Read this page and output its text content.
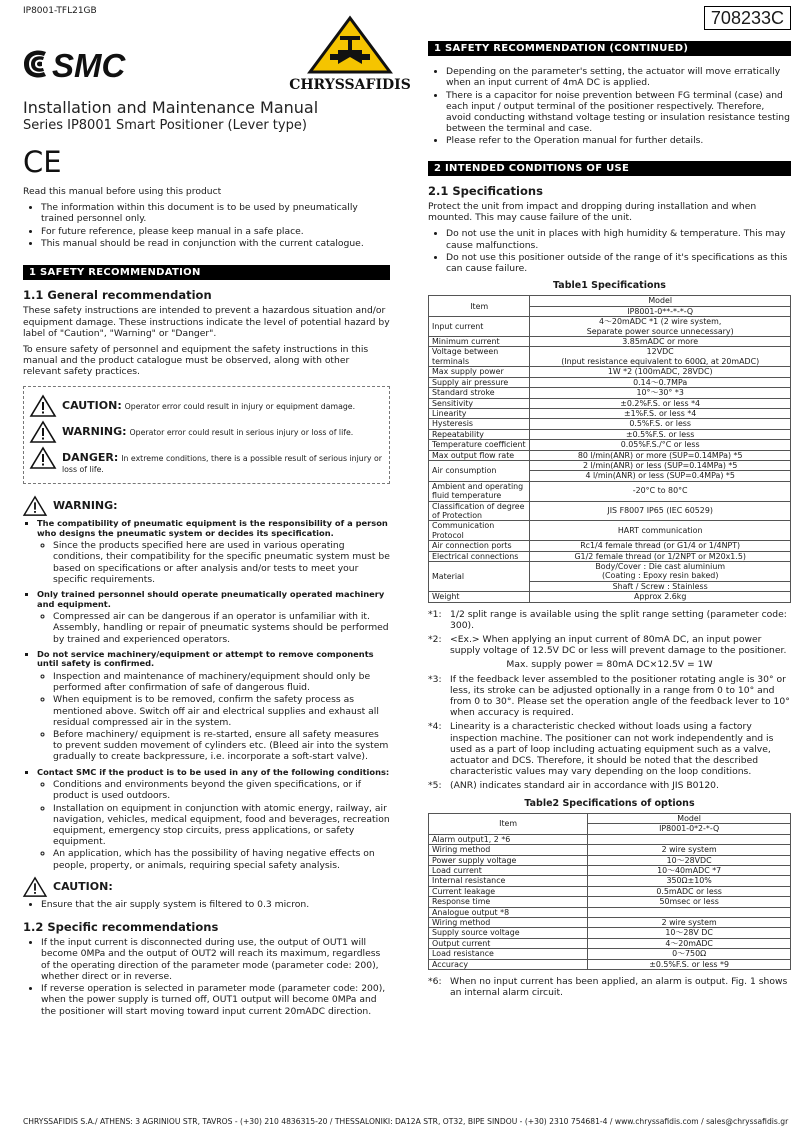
IP8001-TFL21GB	708233C
SMC
CHRYSSAFIDIS
Installation and Maintenance Manual
Series IP8001 Smart Positioner (Lever type)
CE

Read this manual before using this product

• The information within this document is to be used by pneumatically trained personnel only.
• For future reference, please keep manual in a safe place.
• This manual should be read in conjunction with the current catalogue.
1 SAFETY RECOMMENDATION
1.1 General recommendation

These safety instructions are intended to prevent a hazardous situation and/or equipment damage. These instructions indicate the level of potential hazard by label of "Caution", "Warning" or "Danger".

To ensure safety of personnel and equipment the safety instructions in this manual and the product catalogue must be observed, along with other relevant safety practices.

CAUTION: Operator error could result in injury or equipment damage.
WARNING: Operator error could result in serious injury or loss of life.
DANGER: In extreme conditions, there is a possible result of serious injury or loss of life.
WARNING:
▪ The compatibility of pneumatic equipment is the responsibility of a person who designs the pneumatic system or decides its specification.
◦ Since the products specified here are used in various operating conditions, their compatibility for the specific pneumatic system must be based on specifications or after analysis and/or tests to meet your specific requirements.
▪ Only trained personnel should operate pneumatically operated machinery and equipment.
◦ Compressed air can be dangerous if an operator is unfamiliar with it. Assembly, handling or repair of pneumatic systems should be performed by trained and experienced operators.
▪ Do not service machinery/equipment or attempt to remove components until safety is confirmed.
◦ Inspection and maintenance of machinery/equipment should only be performed after confirmation of safe of dangerous fluid.
◦ When equipment is to be removed, confirm the safety process as mentioned above. Switch off air and electrical supplies and exhaust all residual compressed air in the system.
◦ Before machinery/ equipment is re-started, ensure all safety measures to prevent sudden movement of cylinders etc. (Bleed air into the system gradually to create backpressure, i.e. incorporate a soft-start valve).
▪ Contact SMC if the product is to be used in any of the following conditions:
◦ Conditions and environments beyond the given specifications, or if product is used outdoors.
◦ Installation on equipment in conjunction with atomic energy, railway, air navigation, vehicles, medical equipment, food and beverages, recreation equipment, emergency stop circuits, press applications, or safety equipment.
◦ An application, which has the possibility of having negative effects on people, property, or animals, requiring special safety analysis.
CAUTION:
• Ensure that the air supply system is filtered to 0.3 micron.
1.2 Specific recommendations
• If the input current is disconnected during use, the output of OUT1 will become 0MPa and the output of OUT2 will reach its maximum, regardless of the operating direction of the parameter mode (parameter code: 200), whether direct or in reverse.
• If reverse operation is selected in parameter mode (parameter code: 200), when the power supply is turned off, OUT1 output will become 0MPa and the positioner will start moving toward input current 20mADC direction.
1 SAFETY RECOMMENDATION (CONTINUED)
• Depending on the parameter's setting, the actuator will move erratically when an input current of 4mA DC is applied.
• There is a capacitor for noise prevention between FG terminal (case) and each input / output terminal of the positioner respectively. Therefore, avoid conducting withstand voltage testing or insulation resistance testing between the terminal and case.
• Please refer to the Operation manual for further details.
2 INTENDED CONDITIONS OF USE
2.1 Specifications

Protect the unit from impact and dropping during installation and when mounted. This may cause failure of the unit.

• Do not use the unit in places with high humidity & temperature. This may cause malfunctions.
• Do not use this positioner outside of the range of it's specifications as this can cause failure.
Table1 Specifications
Item	Model
	IP8001-0**-*-*-Q
Input current	4～20mADC *1 (2 wire system,
Separate power source unnecessary)

Minimum current	3.85mADC or more
Voltage between terminals	12VDC
(Input resistance equivalent to 600Ω, at 20mADC)

Max supply power	1W *2 (100mADC, 28VDC)
Supply air pressure	0.14～0.7MPa
Standard stroke	10°～30° *3
Sensitivity	±0.2%F.S. or less *4
Linearity	±1%F.S. or less *4
Hysteresis	0.5%F.S. or less
Repeatability	±0.5%F.S. or less
Temperature coefficient	0.05%F.S./°C or less
Max output flow rate	80 l/min(ANR) or more (SUP=0.14MPa) *5
Air consumption	2 l/min(ANR) or less (SUP=0.14MPa) *5
	4 l/min(ANR) or less (SUP=0.4MPa) *5
Ambient and operating fluid temperature	-20°C to 80°C
Classification of degree of Protection	JIS F8007 IP65 (IEC 60529)
Communication Protocol	HART communication
Air connection ports	Rc1/4 female thread (or G1/4 or 1/4NPT)
Electrical connections	G1/2 female thread (or 1/2NPT or M20x1.5)
Material	Body/Cover : Die cast aluminium
(Coating : Epoxy resin baked)

	Shaft / Screw : Stainless
Weight	Approx 2.6kg
*1: 1/2 split range is available using the split range setting (parameter code: 300).
*2: <Ex.> When applying an input current of 80mA DC, an input power supply voltage of 12.5V DC or less will prevent damage to the positioner.
Max. supply power = 80mA DC×12.5V = 1W
*3: If the feedback lever assembled to the positioner rotating angle is 30° or less, its stroke can be adjusted optionally in a range from 0 to 10° and from 0 to 30°. Please set the operation angle of the feedback lever to 10° when accuracy is required.
*4: Linearity is a characteristic checked without loads using a factory inspection machine. The positioner can not work independently and is used as a part of loop including actuating equipment such as a valve, actuator and DCS. Therefore, it should be noted that the described characteristic values may vary depending on the loop conditions.
*5: (ANR) indicates standard air in accordance with JIS B0120.
Table2 Specifications of options
Item	Model
	IP8001-0*2-*-Q
Alarm output1, 2 *6	
Wiring method	2 wire system
Power supply voltage	10～28VDC
Load current	10～40mADC *7
Internal resistance	350Ω±10%
Current leakage	0.5mADC or less
Response time	50msec or less
Analogue output *8	
Wiring method	2 wire system
Supply source voltage	10～28V DC
Output current	4～20mADC
Load resistance	0～750Ω
Accuracy	±0.5%F.S. or less *9
*6: When no input current has been applied, an alarm is output. Fig. 1 shows an internal alarm circuit.
CHRYSSAFIDIS S.A./ ATHENS: 3 AGRINIOU STR, TAVROS - (+30) 210 4836315-20 / THESSALONIKI: DA12A STR, OT32, BIPE SINDOU - (+30) 2310 754681-4 / www.chryssafidis.com / sales@chryssafidis.gr
